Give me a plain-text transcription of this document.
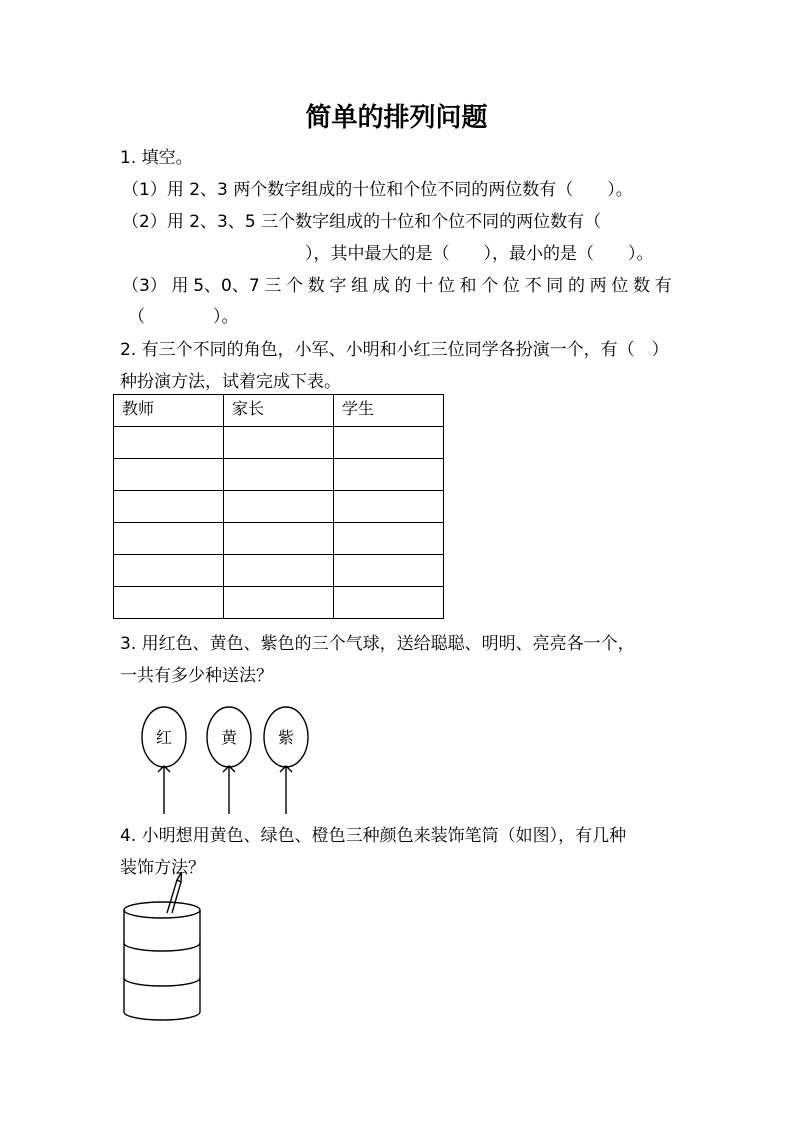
简单的排列问题
1. 填空。
（1）用 2、3 两个数字组成的十位和个位不同的两位数有（　　）。
（2）用 2、3、5 三个数字组成的十位和个位不同的两位数有（
），其中最大的是（　　），最小的是（　　）。
（3） 用 5、0、7 三 个 数 字 组 成 的 十 位 和 个 位 不 同 的 两 位 数 有
（　　　　）。
2. 有三个不同的角色，小军、小明和小红三位同学各扮演一个，有（　）
种扮演方法，试着完成下表。
教师	家长	学生

3. 用红色、黄色、紫色的三个气球，送给聪聪、明明、亮亮各一个，
一共有多少种送法？
4. 小明想用黄色、绿色、橙色三种颜色来装饰笔筒（如图），有几种
装饰方法？
红	黄	紫
